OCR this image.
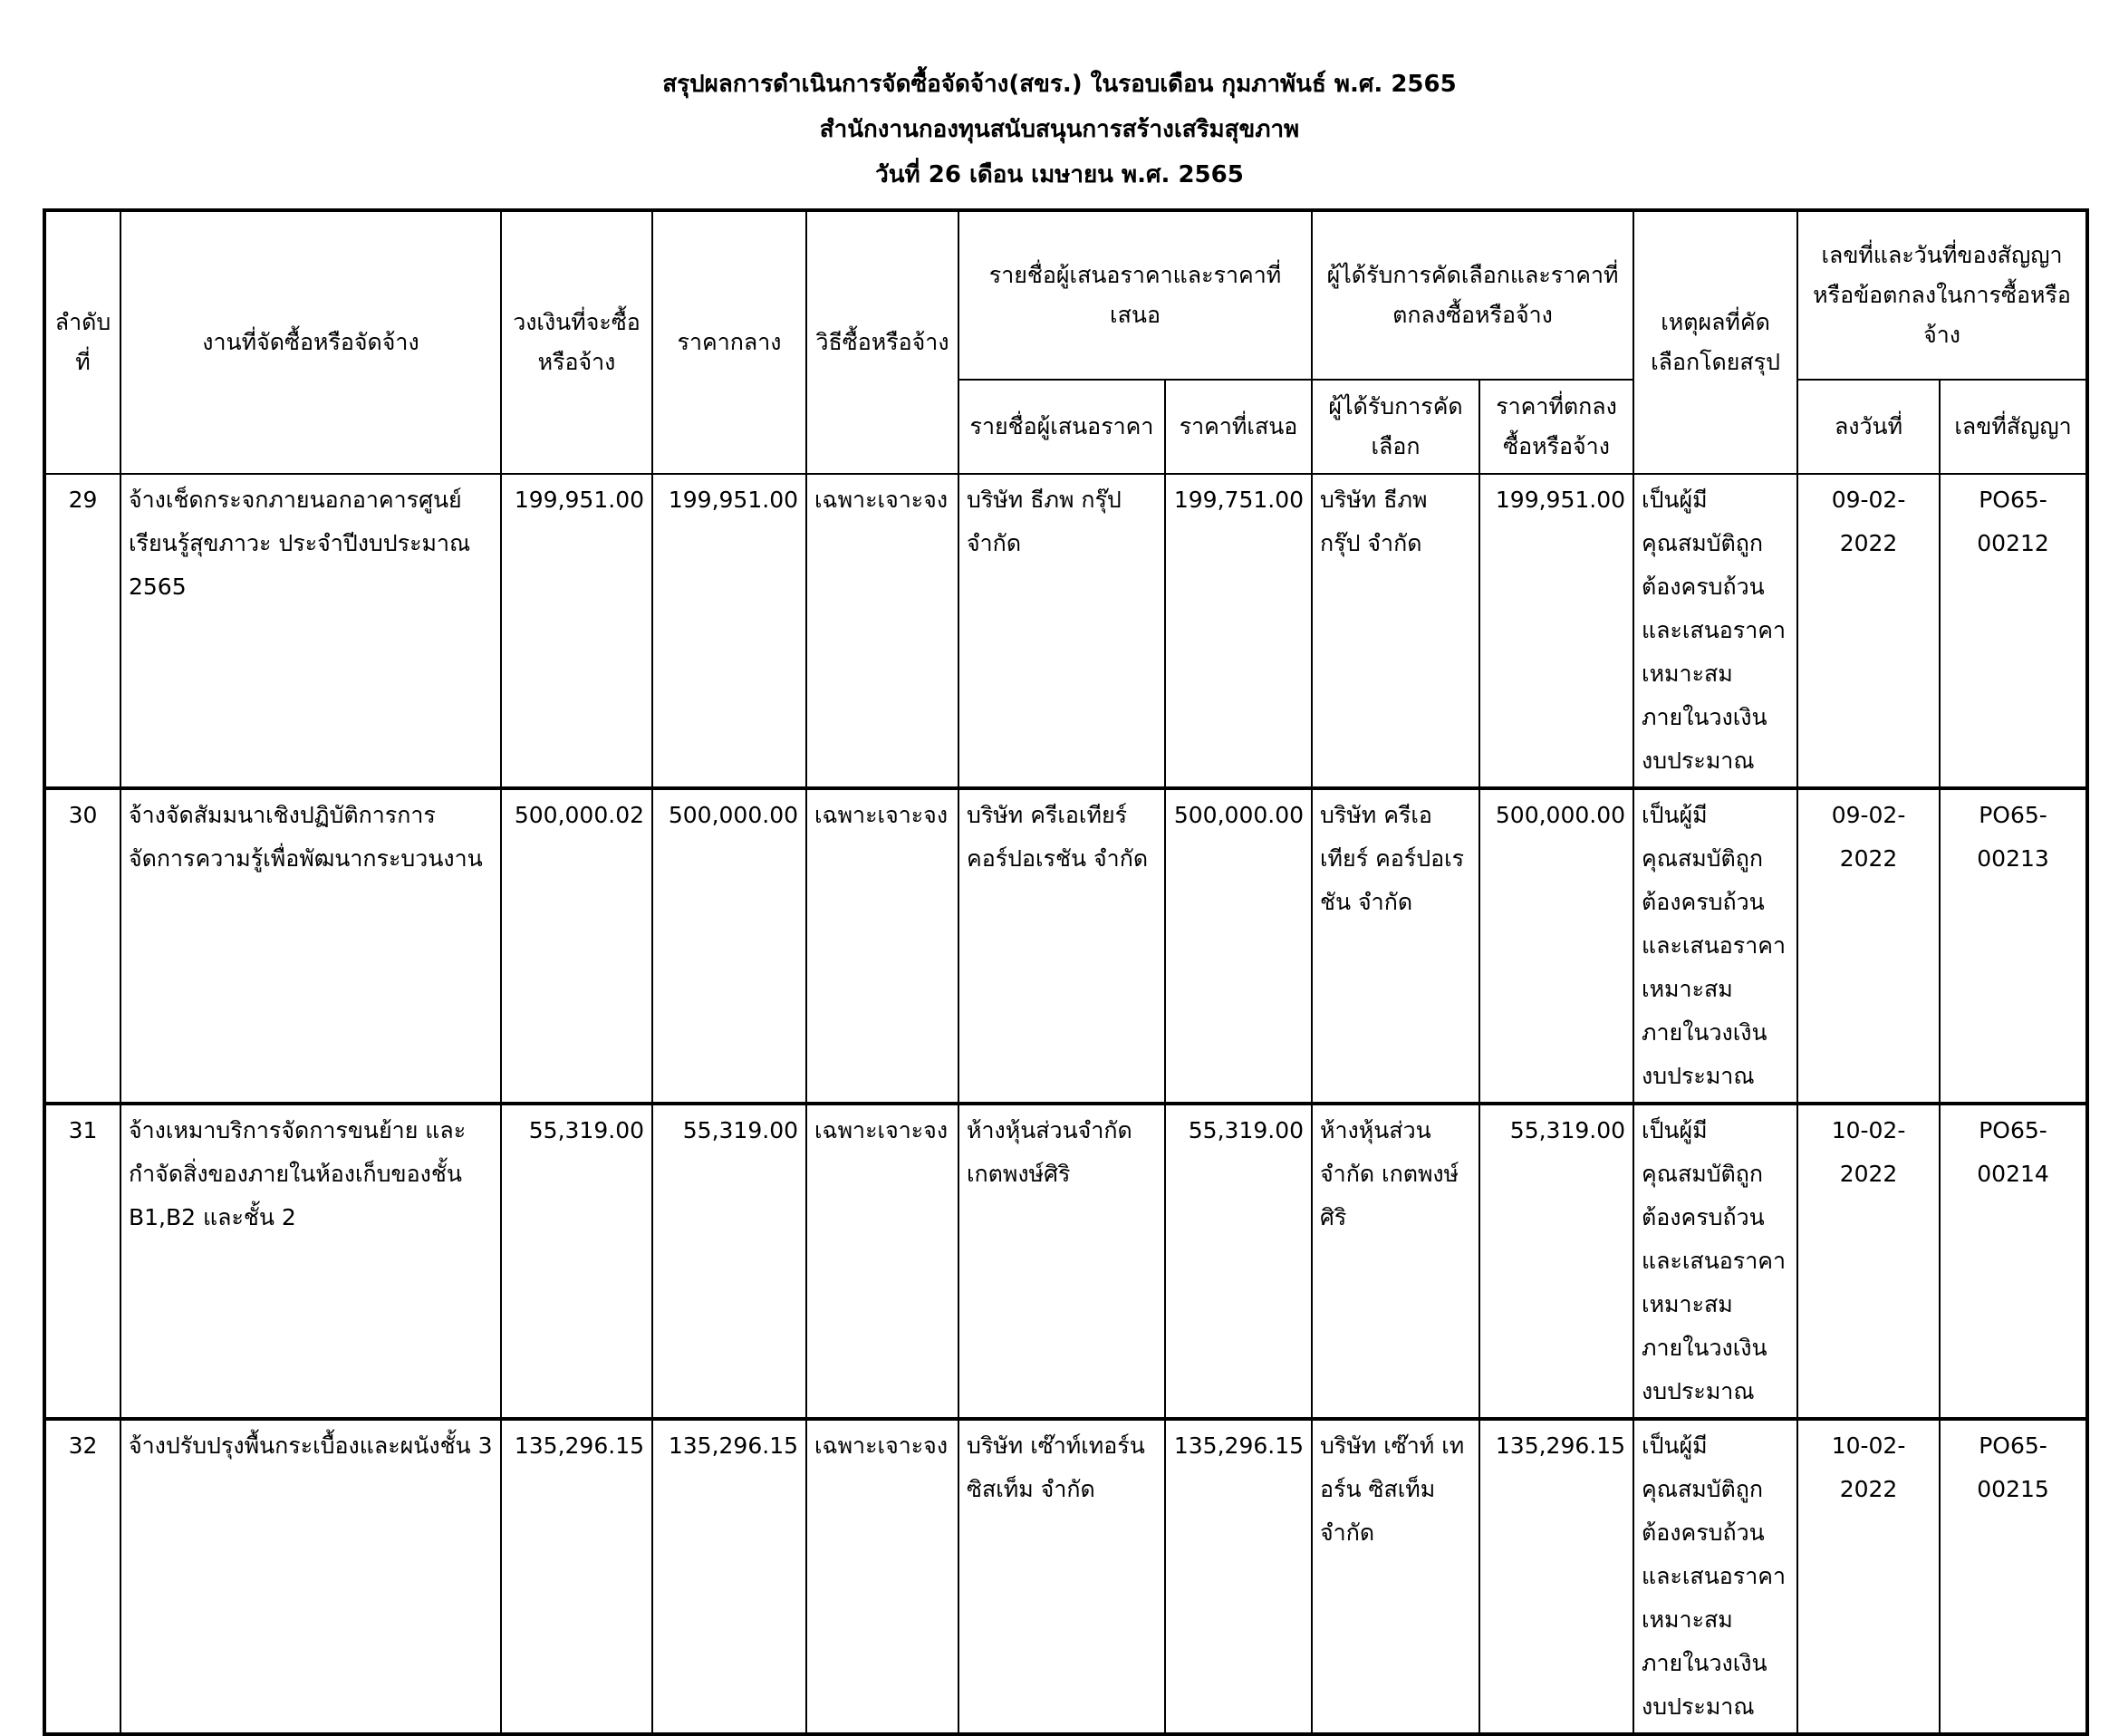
สรุปผลการดำเนินการจัดซื้อจัดจ้าง(สขร.) ในรอบเดือน กุมภาพันธ์ พ.ศ. 2565
สำนักงานกองทุนสนับสนุนการสร้างเสริมสุขภาพ
วันที่ 26 เดือน เมษายน พ.ศ. 2565
ลำดับที่	งานที่จัดซื้อหรือจัดจ้าง	วงเงินที่จะซื้อหรือจ้าง	ราคากลาง	วิธีซื้อหรือจ้าง	รายชื่อผู้เสนอราคาและราคาที่เสนอ		ผู้ได้รับการคัดเลือกและราคาที่ตกลงซื้อหรือจ้าง		เหตุผลที่คัดเลือกโดยสรุป	เลขที่และวันที่ของสัญญาหรือข้อตกลงในการซื้อหรือจ้าง	
					รายชื่อผู้เสนอราคา	ราคาที่เสนอ	ผู้ได้รับการคัดเลือก	ราคาที่ตกลงซื้อหรือจ้าง		ลงวันที่	เลขที่สัญญา
29	จ้างเช็ดกระจกภายนอกอาคารศูนย์เรียนรู้สุขภาวะ ประจำปีงบประมาณ 2565	199,951.00	199,951.00	เฉพาะเจาะจง	บริษัท ธีภพ กรุ๊ป จำกัด	199,751.00	บริษัท ธีภพ กรุ๊ป จำกัด	199,951.00	เป็นผู้มีคุณสมบัติถูกต้องครบถ้วนและเสนอราคาเหมาะสมภายในวงเงินงบประมาณ	09-02-2022	PO65-00212
30	จ้างจัดสัมมนาเชิงปฏิบัติการการจัดการความรู้เพื่อพัฒนากระบวนงาน	500,000.02	500,000.00	เฉพาะเจาะจง	บริษัท ครีเอเทียร์ คอร์ปอเรชัน จำกัด	500,000.00	บริษัท ครีเอเทียร์ คอร์ปอเรชัน จำกัด	500,000.00	เป็นผู้มีคุณสมบัติถูกต้องครบถ้วนและเสนอราคาเหมาะสมภายในวงเงินงบประมาณ	09-02-2022	PO65-00213
31	จ้างเหมาบริการจัดการขนย้าย และกำจัดสิ่งของภายในห้องเก็บของชั้น B1,B2 และชั้น 2	55,319.00	55,319.00	เฉพาะเจาะจง	ห้างหุ้นส่วนจำกัด เกตพงษ์ศิริ	55,319.00	ห้างหุ้นส่วนจำกัด เกตพงษ์ศิริ	55,319.00	เป็นผู้มีคุณสมบัติถูกต้องครบถ้วนและเสนอราคาเหมาะสมภายในวงเงินงบประมาณ	10-02-2022	PO65-00214
32	จ้างปรับปรุงพื้นกระเบื้องและผนังชั้น 3	135,296.15	135,296.15	เฉพาะเจาะจง	บริษัท เซ๊าท์เทอร์น ซิสเท็ม จำกัด	135,296.15	บริษัท เซ๊าท์ เทอร์น ซิสเท็ม จำกัด	135,296.15	เป็นผู้มีคุณสมบัติถูกต้องครบถ้วนและเสนอราคาเหมาะสมภายในวงเงินงบประมาณ	10-02-2022	PO65-00215
